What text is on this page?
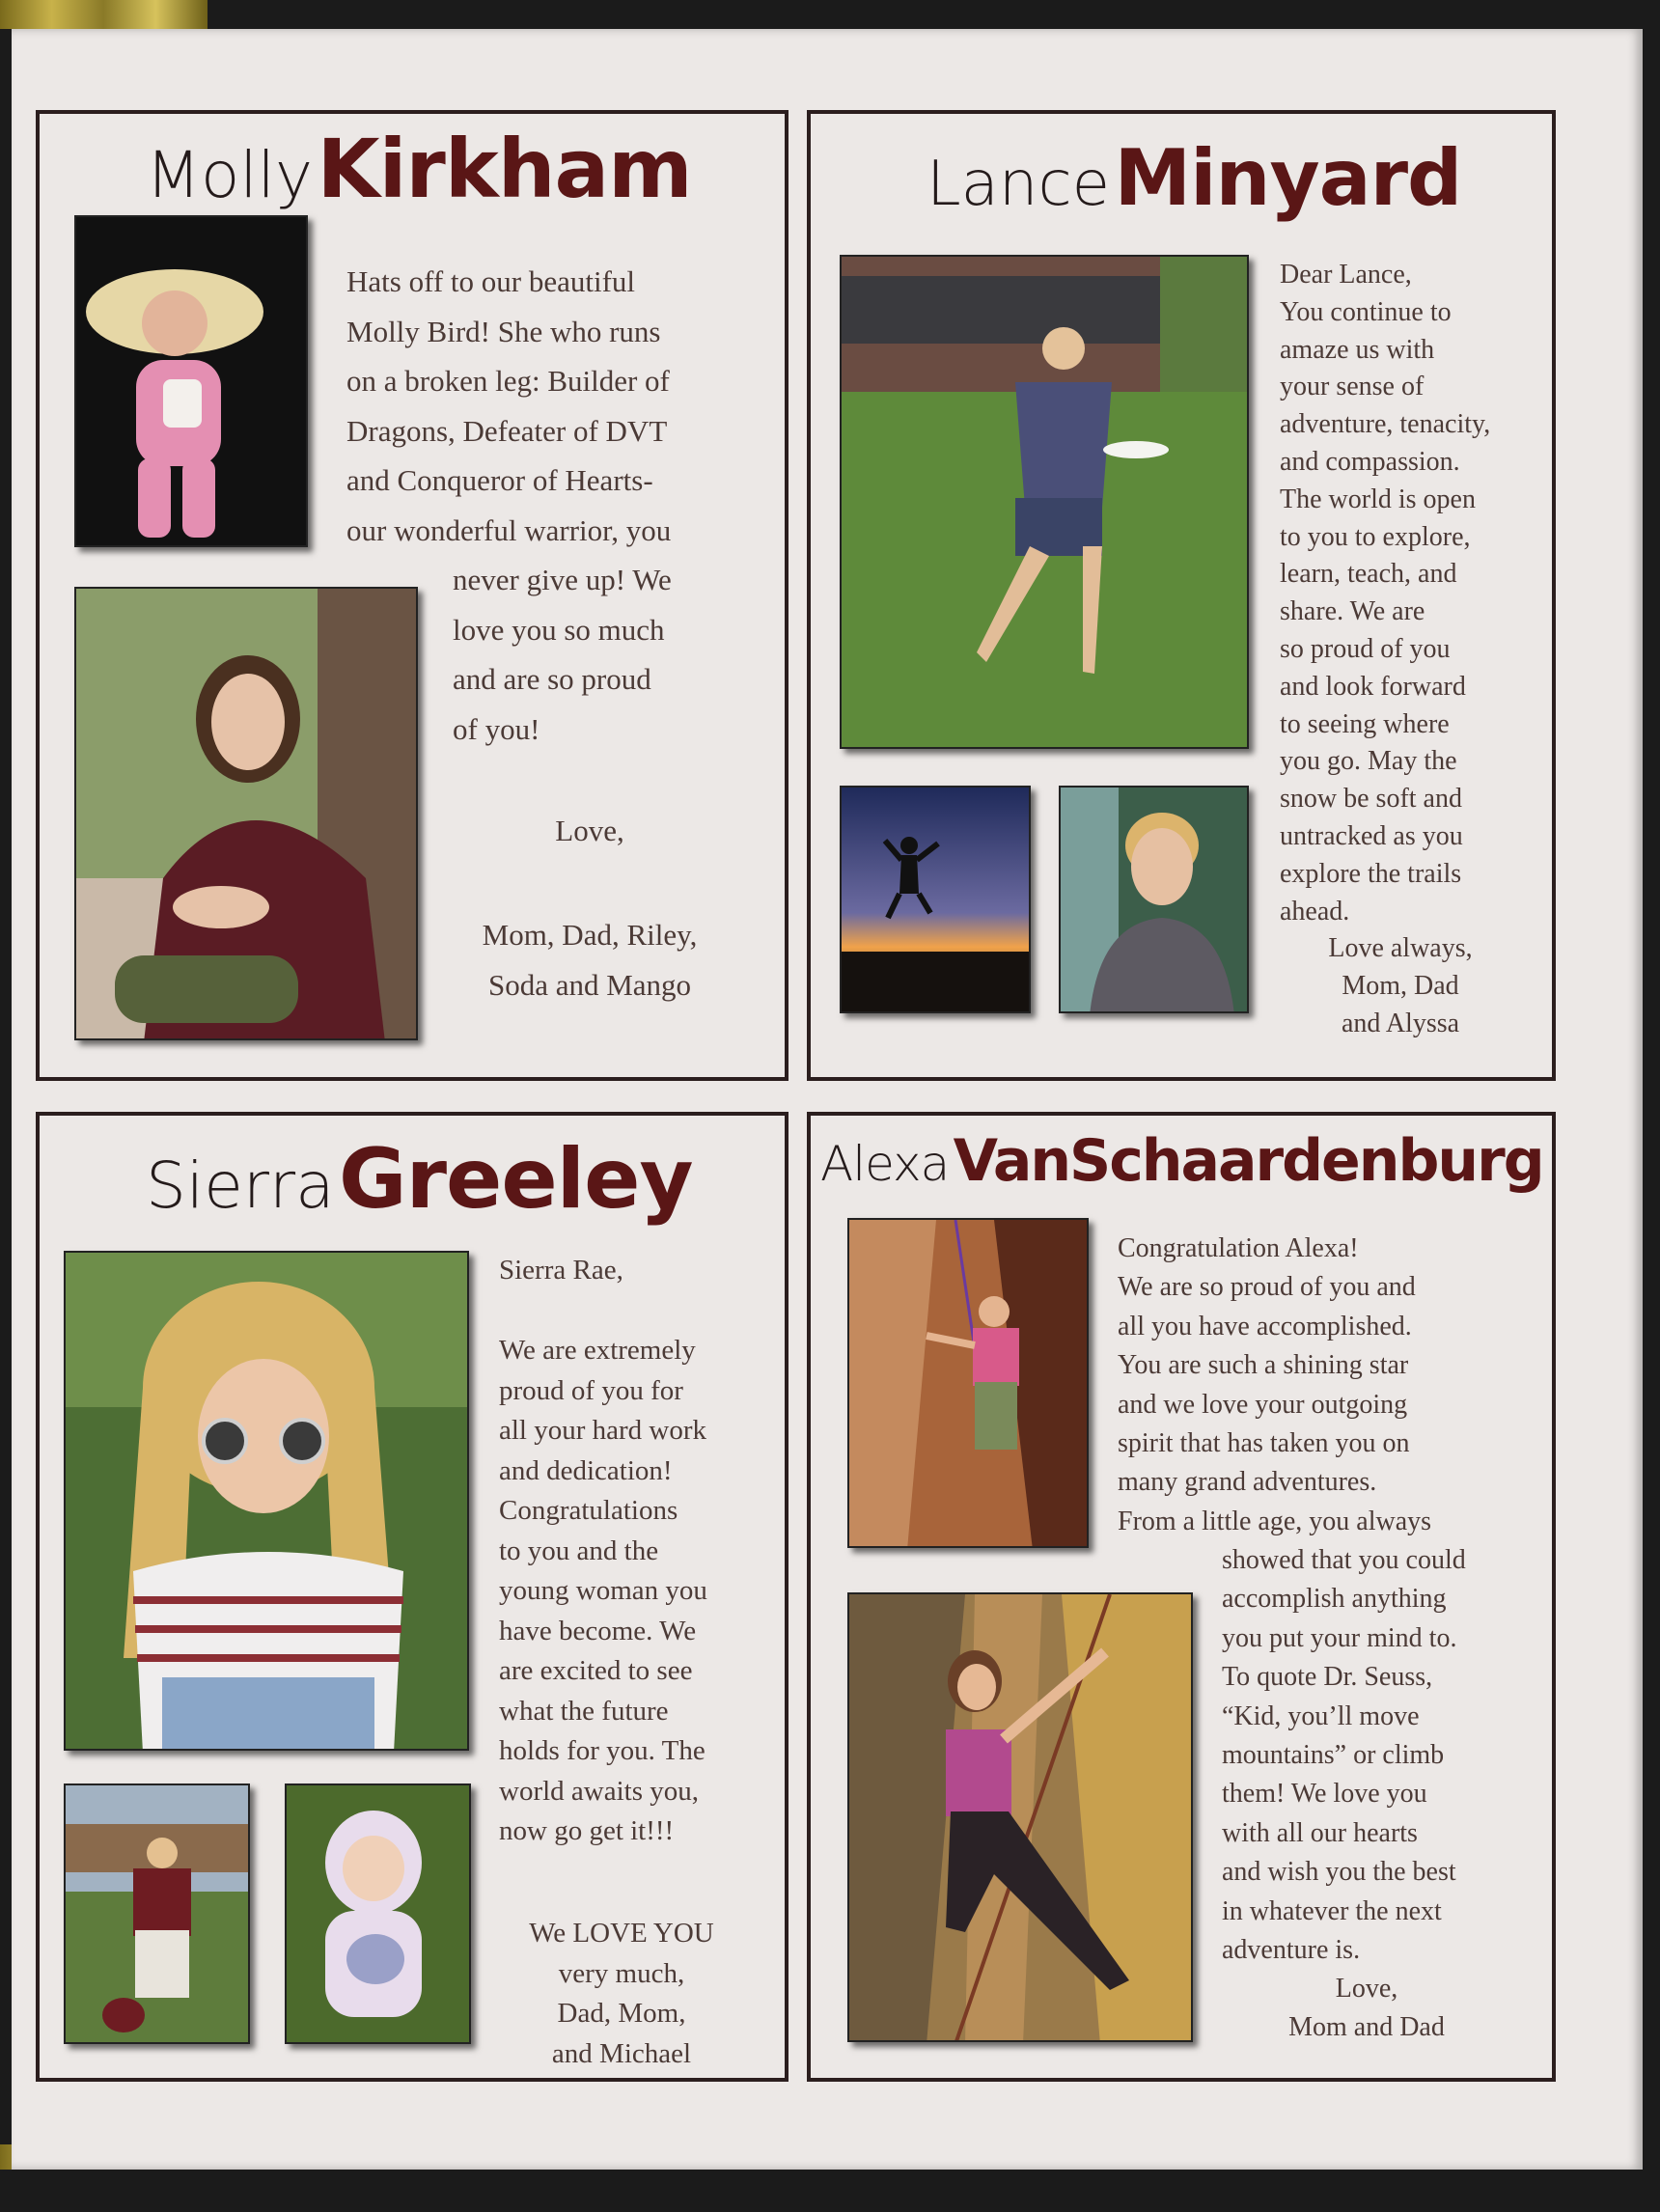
Molly Kirkham

Hats off to our beautiful

Molly Bird! She who runs

on a broken leg: Builder of

Dragons, Defeater of DVT

and Conqueror of Hearts-

our wonderful warrior, you

never give up! We

love you so much

and are so proud

of you!

Love,

Mom, Dad, Riley,

Soda and Mango

Lance Minyard

Dear Lance,

You continue to

amaze us with

your sense of

adventure, tenacity,

and compassion.

The world is open

to you to explore,

learn, teach, and

share. We are

so proud of you

and look forward

to seeing where

you go. May the

snow be soft and

untracked as you

explore the trails

ahead.

Love always,

Mom, Dad

and Alyssa

Sierra Greeley

Sierra Rae,

We are extremely

proud of you for

all your hard work

and dedication!

Congratulations

to you and the

young woman you

have become. We

are excited to see

what the future

holds for you. The

world awaits you,

now go get it!!!

We LOVE YOU

very much,

Dad, Mom,

and Michael

Alexa VanSchaardenburg

Congratulation Alexa!

We are so proud of you and

all you have accomplished.

You are such a shining star

and we love your outgoing

spirit that has taken you on

many grand adventures.

From a little age, you always

showed that you could

accomplish anything

you put your mind to.

To quote Dr. Seuss,

“Kid, you’ll move

mountains” or climb

them! We love you

with all our hearts

and wish you the best

in whatever the next

adventure is.

Love,

Mom and Dad
